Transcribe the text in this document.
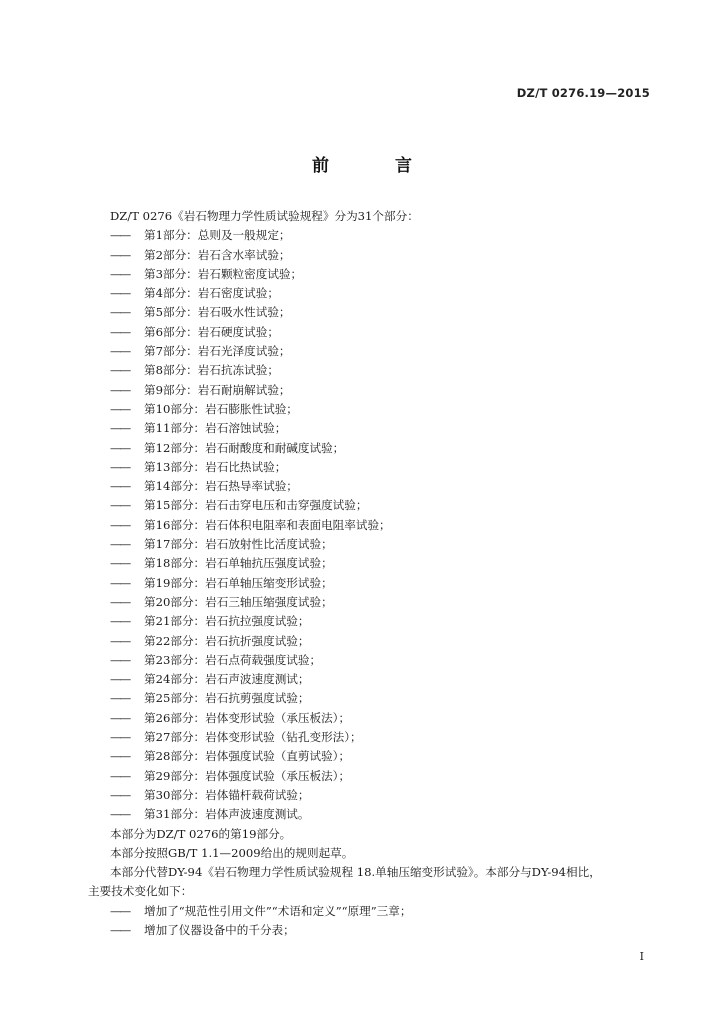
DZ/T 0276.19—2015
前 言
DZ/T 0276《岩石物理力学性质试验规程》分为31个部分：
—— 第1部分：总则及一般规定；
—— 第2部分：岩石含水率试验；
—— 第3部分：岩石颗粒密度试验；
—— 第4部分：岩石密度试验；
—— 第5部分：岩石吸水性试验；
—— 第6部分：岩石硬度试验；
—— 第7部分：岩石光泽度试验；
—— 第8部分：岩石抗冻试验；
—— 第9部分：岩石耐崩解试验；
—— 第10部分：岩石膨胀性试验；
—— 第11部分：岩石溶蚀试验；
—— 第12部分：岩石耐酸度和耐碱度试验；
—— 第13部分：岩石比热试验；
—— 第14部分：岩石热导率试验；
—— 第15部分：岩石击穿电压和击穿强度试验；
—— 第16部分：岩石体积电阻率和表面电阻率试验；
—— 第17部分：岩石放射性比活度试验；
—— 第18部分：岩石单轴抗压强度试验；
—— 第19部分：岩石单轴压缩变形试验；
—— 第20部分：岩石三轴压缩强度试验；
—— 第21部分：岩石抗拉强度试验；
—— 第22部分：岩石抗折强度试验；
—— 第23部分：岩石点荷载强度试验；
—— 第24部分：岩石声波速度测试；
—— 第25部分：岩石抗剪强度试验；
—— 第26部分：岩体变形试验（承压板法）；
—— 第27部分：岩体变形试验（钻孔变形法）；
—— 第28部分：岩体强度试验（直剪试验）；
—— 第29部分：岩体强度试验（承压板法）；
—— 第30部分：岩体锚杆载荷试验；
—— 第31部分：岩体声波速度测试。
本部分为DZ/T 0276的第19部分。
本部分按照GB/T 1.1—2009给出的规则起草。
本部分代替DY-94《岩石物理力学性质试验规程 18.单轴压缩变形试验》。本部分与DY-94相比，
主要技术变化如下：
—— 增加了“规范性引用文件”“术语和定义”“原理”三章；
—— 增加了仪器设备中的千分表；
I
